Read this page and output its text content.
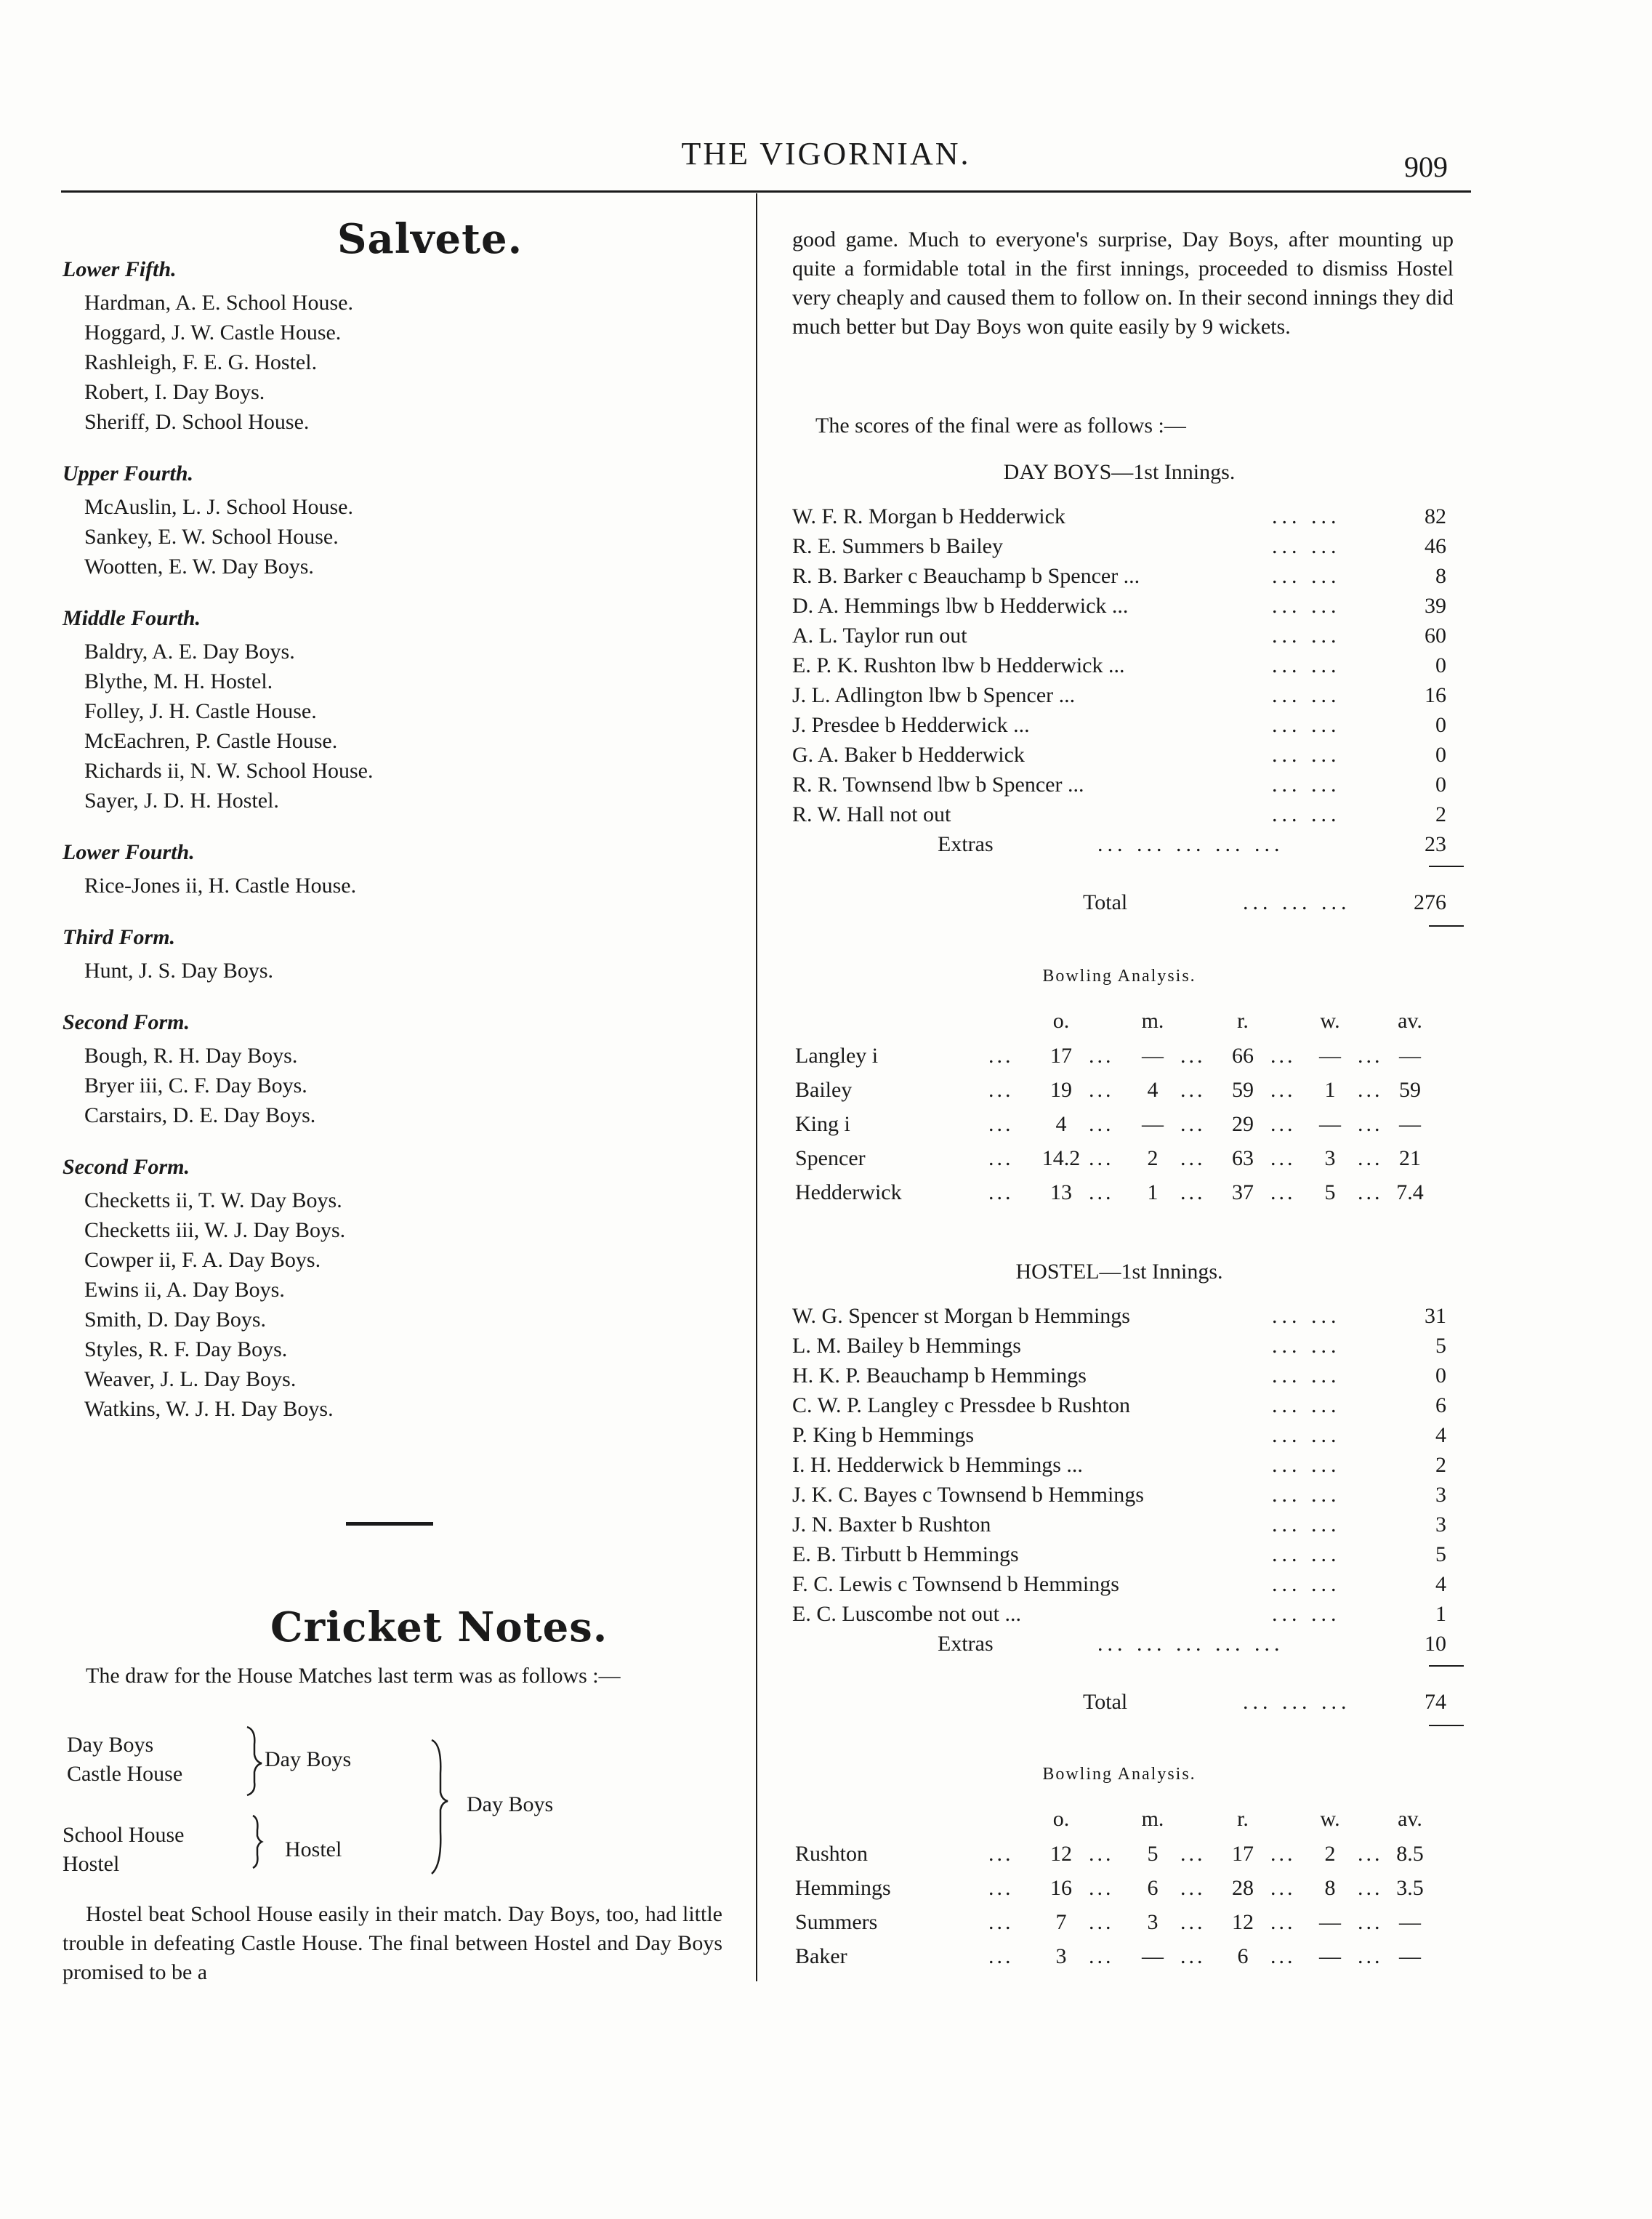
THE VIGORNIAN.	909
Salvete.
Lower Fifth.
Hardman, A. E. School House.
Hoggard, J. W. Castle House.
Rashleigh, F. E. G. Hostel.
Robert, I. Day Boys.
Sheriff, D. School House.
Upper Fourth.
McAuslin, L. J. School House.
Sankey, E. W. School House.
Wootten, E. W. Day Boys.
Middle Fourth.
Baldry, A. E. Day Boys.
Blythe, M. H. Hostel.
Folley, J. H. Castle House.
McEachren, P. Castle House.
Richards ii, N. W. School House.
Sayer, J. D. H. Hostel.
Lower Fourth.
Rice-Jones ii, H. Castle House.
Third Form.
Hunt, J. S. Day Boys.
Second Form.
Bough, R. H. Day Boys.
Bryer iii, C. F. Day Boys.
Carstairs, D. E. Day Boys.
Second Form.
Checketts ii, T. W. Day Boys.
Checketts iii, W. J. Day Boys.
Cowper ii, F. A. Day Boys.
Ewins ii, A. Day Boys.
Smith, D. Day Boys.
Styles, R. F. Day Boys.
Weaver, J. L. Day Boys.
Watkins, W. J. H. Day Boys.
Cricket Notes.
The draw for the House Matches last term was as follows :—
Day Boys
Castle House
Day Boys
School House
Hostel
Hostel
Day Boys
Hostel beat School House easily in their match. Day Boys, too, had little trouble in defeating Castle House. The final between Hostel and Day Boys promised to be a
good game. Much to everyone's surprise, Day Boys, after mounting up quite a formidable total in the first innings, proceeded to dismiss Hostel very cheaply and caused them to follow on. In their second innings they did much better but Day Boys won quite easily by 9 wickets.
The scores of the final were as follows :—
DAY BOYS—1st Innings.
W. F. R. Morgan b Hedderwick	... ...	82
R. E. Summers b Bailey	... ...	46
R. B. Barker c Beauchamp b Spencer ...	... ...	8
D. A. Hemmings lbw b Hedderwick ...	... ...	39
A. L. Taylor run out	... ...	60
E. P. K. Rushton lbw b Hedderwick ...	... ...	0
J. L. Adlington lbw b Spencer ...	... ...	16
J. Presdee b Hedderwick ...	... ...	0
G. A. Baker b Hedderwick	... ...	0
R. R. Townsend lbw b Spencer ...	... ...	0
R. W. Hall not out	... ...	2
Extras	... ... ... ... ...	23
Total	... ... ...	276
Bowling Analysis.
o.	m.	r.	w.	av.
Langley i	...	17 ...	— ...	66 ...	— ... —
Bailey	...	19 ...	4	...	59 ...	1	... 59
King i	...	4	...	— ...	29 ...	— ... —
Spencer	...	14.2 ...	2	...	63 ...	3	... 21
Hedderwick	...	13 ...	1	...	37 ...	5	... 7.4
HOSTEL—1st Innings.
W. G. Spencer st Morgan b Hemmings	... ...	31
L. M. Bailey b Hemmings	... ...	5
H. K. P. Beauchamp b Hemmings	... ...	0
C. W. P. Langley c Pressdee b Rushton	... ...	6
P. King b Hemmings	... ...	4
I. H. Hedderwick b Hemmings ...	... ...	2
J. K. C. Bayes c Townsend b Hemmings	... ...	3
J. N. Baxter b Rushton	... ...	3
E. B. Tirbutt b Hemmings	... ...	5
F. C. Lewis c Townsend b Hemmings	... ...	4
E. C. Luscombe not out ...	... ...	1
Extras	... ... ... ... ...	10
Total	... ... ...	74
Bowling Analysis.
o.	m.	r.	w.	av.
Rushton	...	12 ...	5	...	17 ...	2	... 8.5
Hemmings	...	16 ...	6	...	28 ...	8	... 3.5
Summers	...	7	...	3	...	12 ...	— ... —
Baker	...	3	...	— ...	6	...	— ... —
